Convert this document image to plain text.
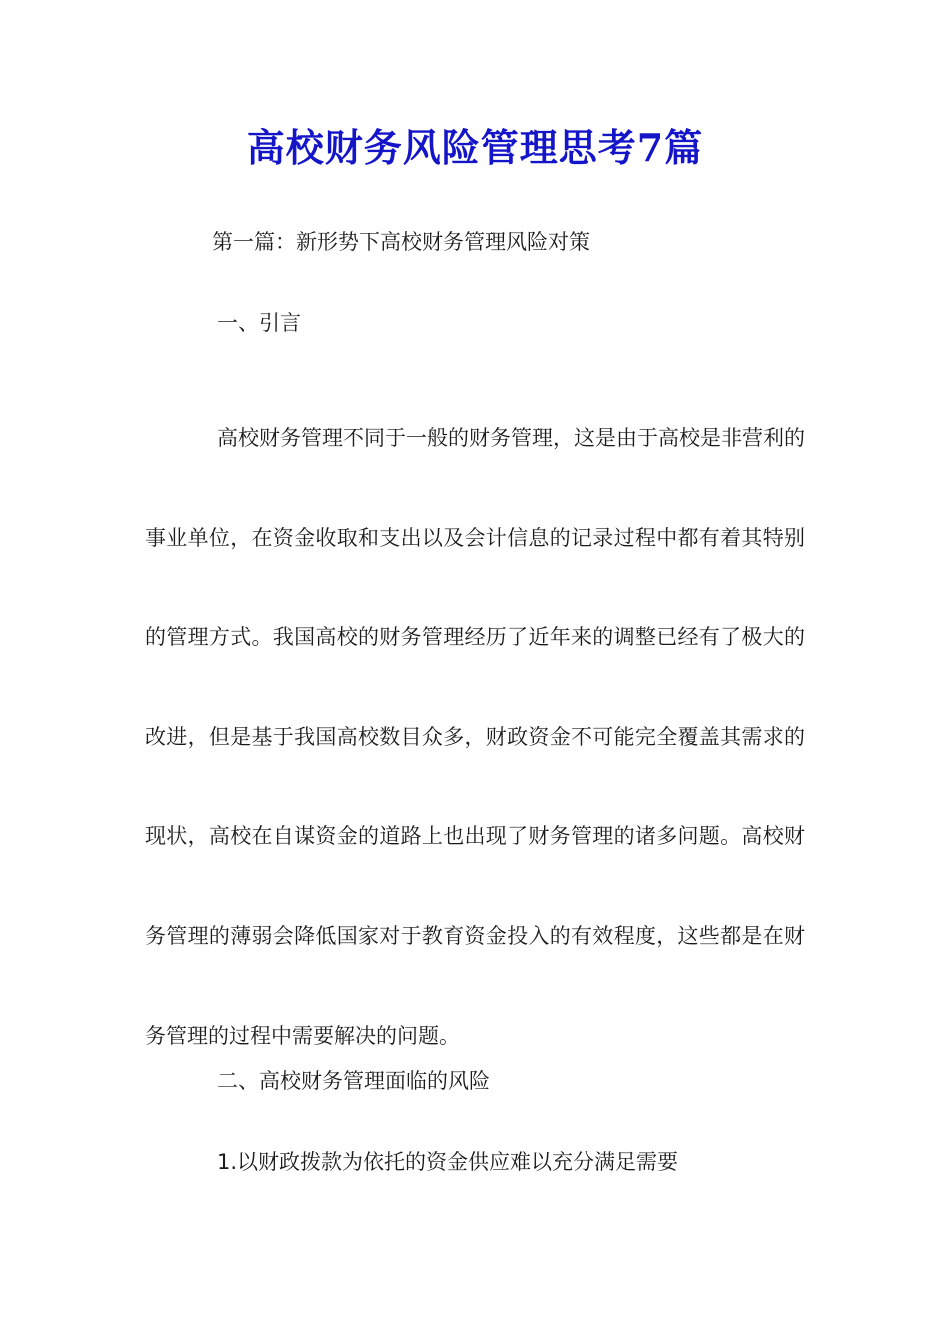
高校财务风险管理思考7篇

第一篇：新形势下高校财务管理风险对策

一、引言

高校财务管理不同于一般的财务管理，这是由于高校是非营利的事业单位，在资金收取和支出以及会计信息的记录过程中都有着其特别的管理方式。我国高校的财务管理经历了近年来的调整已经有了极大的改进，但是基于我国高校数目众多，财政资金不可能完全覆盖其需求的现状，高校在自谋资金的道路上也出现了财务管理的诸多问题。高校财务管理的薄弱会降低国家对于教育资金投入的有效程度，这些都是在财务管理的过程中需要解决的问题。

二、高校财务管理面临的风险

1.以财政拨款为依托的资金供应难以充分满足需要
